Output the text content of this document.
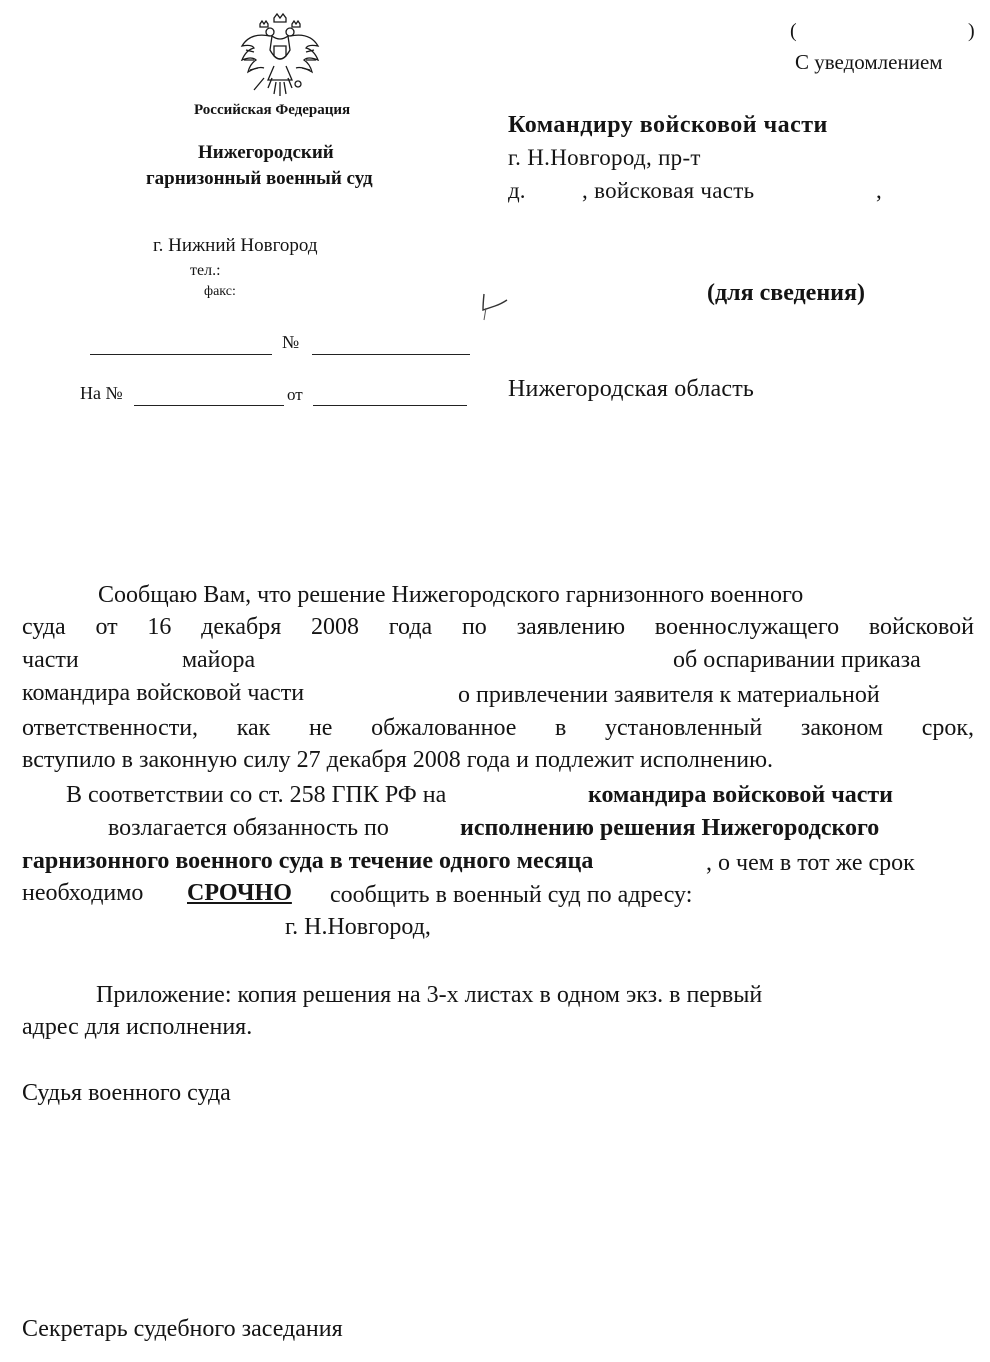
Российская Федерация
Нижегородский
гарнизонный военный суд
г. Нижний Новгород
тел.:
факс:
№
На №	от
(	)
С уведомлением
Командиру войсковой части
г. Н.Новгород, пр-т
д. , войсковая часть	,
(для сведения)
Нижегородская область
Сообщаю Вам, что решение Нижегородского гарнизонного военного
суда от 16 декабря 2008 года по заявлению военнослужащего войсковой
части	майора	об оспаривании приказа
командира войсковой части	о привлечении заявителя к материальной
ответственности, как не обжалованное в установленный законом срок,
вступило в законную силу 27 декабря 2008 года и подлежит исполнению.
В соответствии со ст. 258 ГПК РФ на	командира войсковой части
возлагается обязанность по	исполнению решения Нижегородского
гарнизонного военного суда в течение одного месяца	, о чем в тот же срок
необходимо СРОЧНО сообщить в военный суд по адресу:
г. Н.Новгород,
Приложение: копия решения на 3-х листах в одном экз. в первый
адрес для исполнения.
Судья военного суда
Секретарь судебного заседания
